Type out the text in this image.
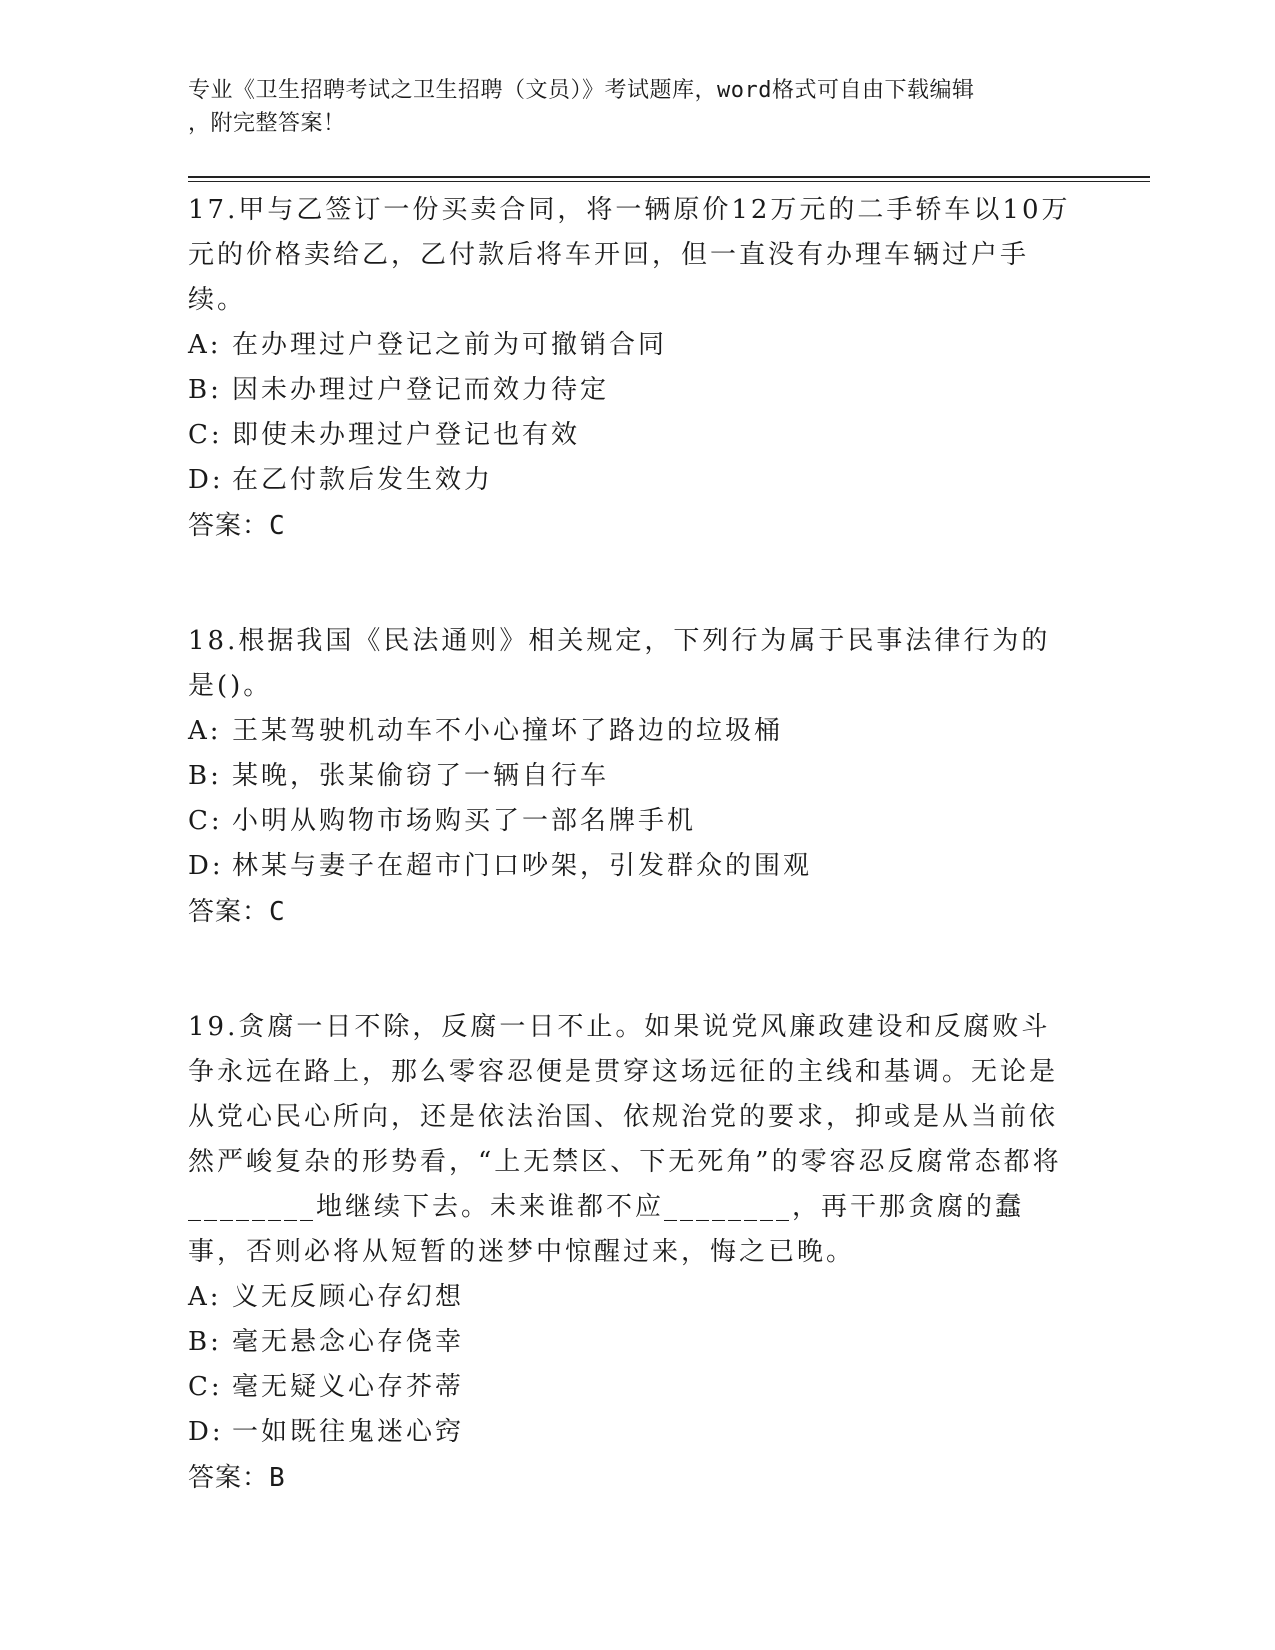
专业《卫生招聘考试之卫生招聘（文员）》考试题库，word格式可自由下载编辑
，附完整答案！

17.甲与乙签订一份买卖合同，将一辆原价12万元的二手轿车以10万元的价格卖给乙，乙付款后将车开回，但一直没有办理车辆过户手续。

A: 在办理过户登记之前为可撤销合同

B: 因未办理过户登记而效力待定

C: 即使未办理过户登记也有效

D: 在乙付款后发生效力

答案：C

18.根据我国《民法通则》相关规定，下列行为属于民事法律行为的是()。

A: 王某驾驶机动车不小心撞坏了路边的垃圾桶

B: 某晚，张某偷窃了一辆自行车

C: 小明从购物市场购买了一部名牌手机

D: 林某与妻子在超市门口吵架，引发群众的围观

答案：C

19.贪腐一日不除，反腐一日不止。如果说党风廉政建设和反腐败斗争永远在路上，那么零容忍便是贯穿这场远征的主线和基调。无论是从党心民心所向，还是依法治国、依规治党的要求，抑或是从当前依然严峻复杂的形势看，“上无禁区、下无死角”的零容忍反腐常态都将________地继续下去。未来谁都不应________，再干那贪腐的蠢事，否则必将从短暂的迷梦中惊醒过来，悔之已晚。

A: 义无反顾心存幻想

B: 毫无悬念心存侥幸

C: 毫无疑义心存芥蒂

D: 一如既往鬼迷心窍

答案：B
